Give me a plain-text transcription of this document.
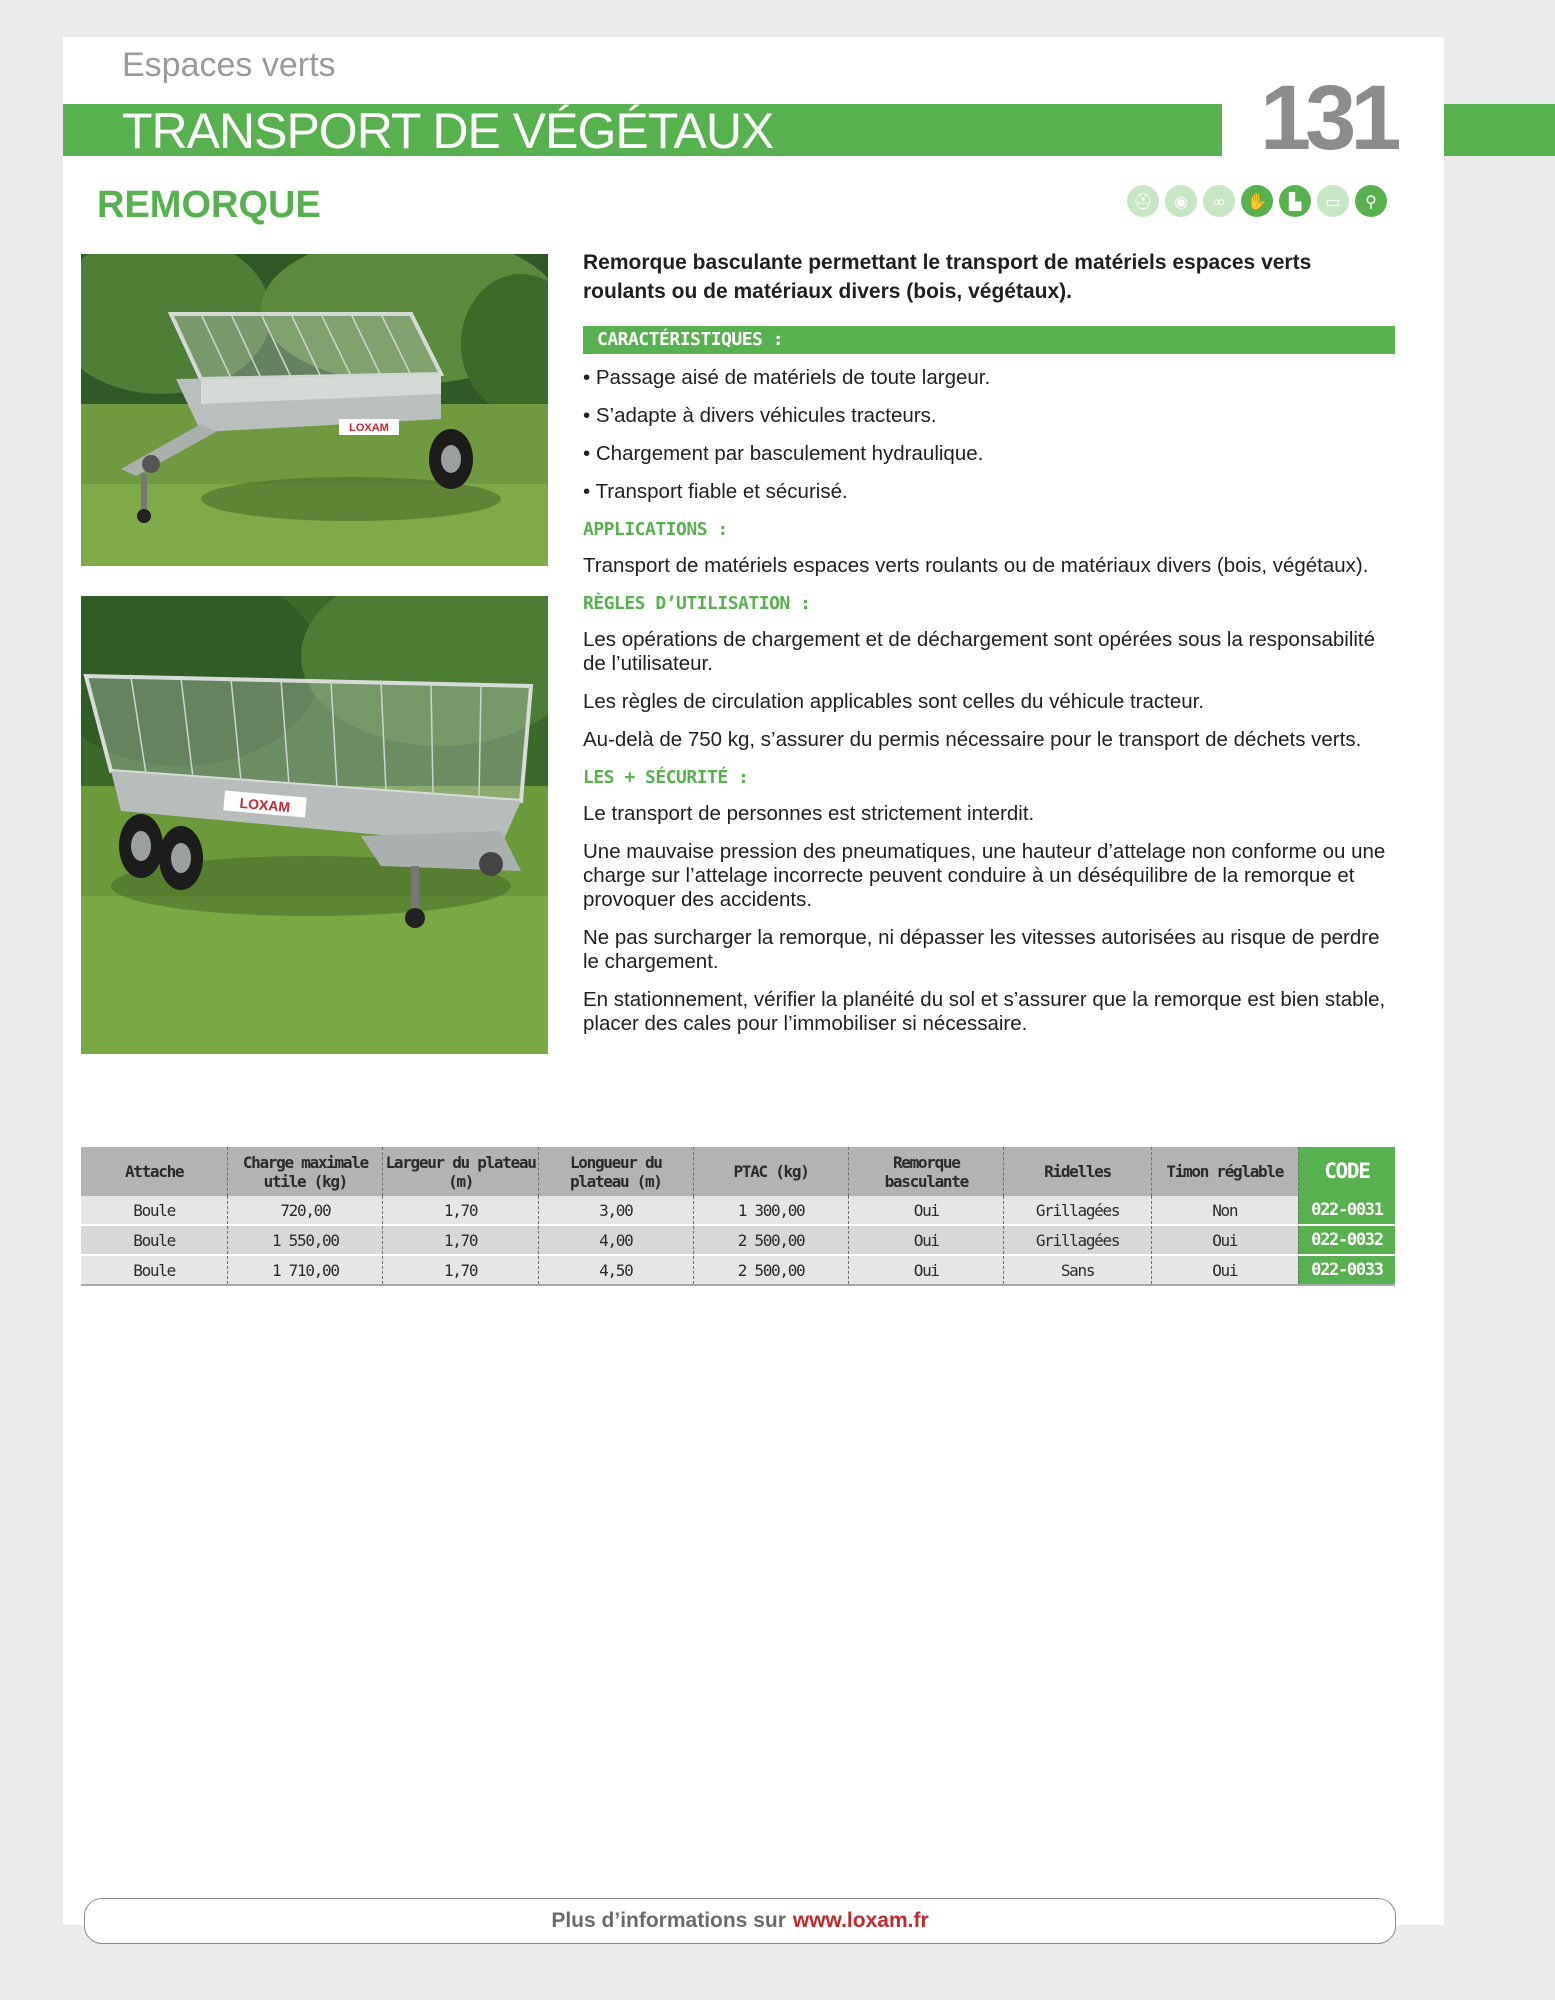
Espaces verts
TRANSPORT DE VÉGÉTAUX	131
REMORQUE	⛑	◉	∞	✋	▙	▭	⚲
LOXAM
LOXAM

Remorque basculante permettant le transport de matériels espaces verts roulants ou de matériaux divers (bois, végétaux).

CARACTÉRISTIQUES :

• Passage aisé de matériels de toute largeur.

• S’adapte à divers véhicules tracteurs.

• Chargement par basculement hydraulique.

• Transport fiable et sécurisé.

APPLICATIONS :

Transport de matériels espaces verts roulants ou de matériaux divers (bois, végétaux).

RÈGLES D’UTILISATION :

Les opérations de chargement et de déchargement sont opérées sous la responsabilité de l’utilisateur.

Les règles de circulation applicables sont celles du véhicule tracteur.

Au-delà de 750 kg, s’assurer du permis nécessaire pour le transport de déchets verts.

LES + SÉCURITÉ :

Le transport de personnes est strictement interdit.

Une mauvaise pression des pneumatiques, une hauteur d’attelage non conforme ou une charge sur l’attelage incorrecte peuvent conduire à un déséquilibre de la remorque et provoquer des accidents.

Ne pas surcharger la remorque, ni dépasser les vitesses autorisées au risque de perdre le chargement.

En stationnement, vérifier la planéité du sol et s’assurer que la remorque est bien stable, placer des cales pour l’immobiliser si nécessaire.

Attache	Charge maximale utile (kg)	Largeur du plateau (m)	Longueur du plateau (m)	PTAC (kg)	Remorque basculante	Ridelles	Timon réglable	CODE
Boule	720,00	1,70	3,00	1 300,00	Oui	Grillagées	Non	022-0031
Boule	1 550,00	1,70	4,00	2 500,00	Oui	Grillagées	Oui	022-0032
Boule	1 710,00	1,70	4,50	2 500,00	Oui	Sans	Oui	022-0033
Plus d’informations sur www.loxam.fr
